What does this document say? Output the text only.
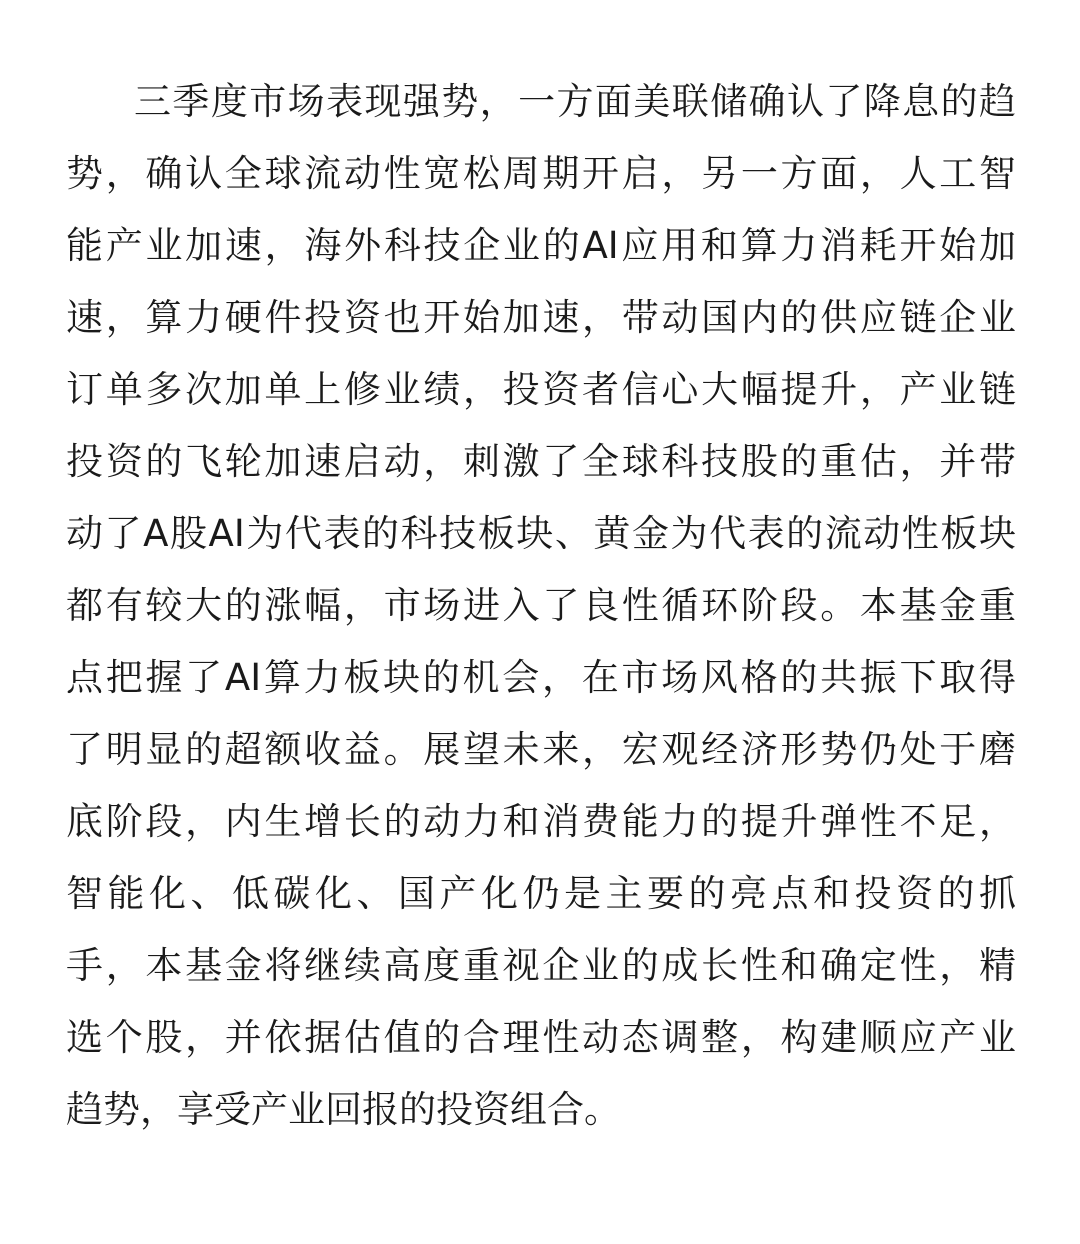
三季度市场表现强势，一方面美联储确认了降息的趋
势，确认全球流动性宽松周期开启，另一方面，人工智
能产业加速，海外科技企业的AI应用和算力消耗开始加
速，算力硬件投资也开始加速，带动国内的供应链企业
订单多次加单上修业绩，投资者信心大幅提升，产业链
投资的飞轮加速启动，刺激了全球科技股的重估，并带
动了A股AI为代表的科技板块、黄金为代表的流动性板块
都有较大的涨幅，市场进入了良性循环阶段。本基金重
点把握了AI算力板块的机会，在市场风格的共振下取得
了明显的超额收益。展望未来，宏观经济形势仍处于磨
底阶段，内生增长的动力和消费能力的提升弹性不足，
智能化、低碳化、国产化仍是主要的亮点和投资的抓
手，本基金将继续高度重视企业的成长性和确定性，精
选个股，并依据估值的合理性动态调整，构建顺应产业
趋势，享受产业回报的投资组合。
